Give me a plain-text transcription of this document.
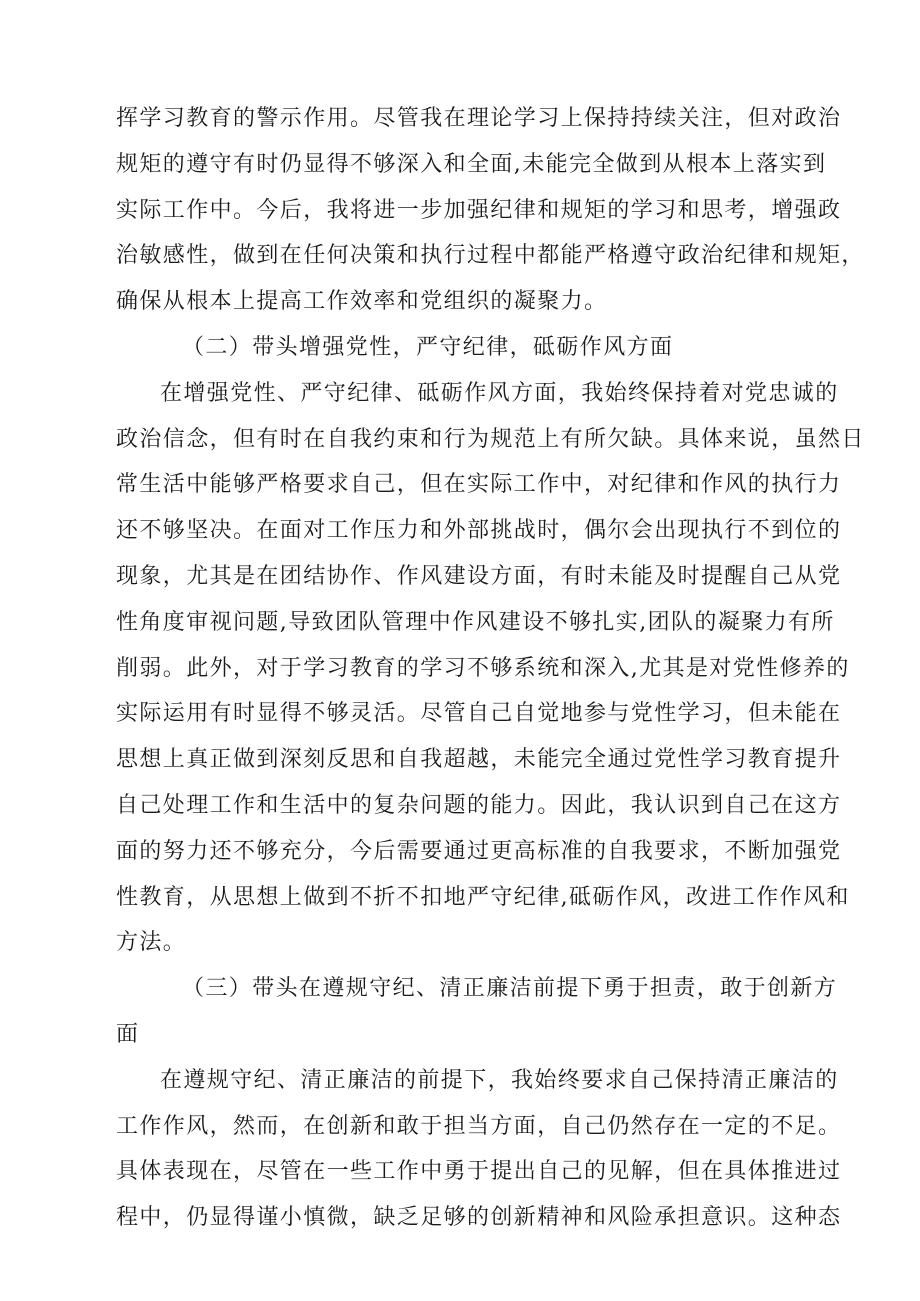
挥学习教育的警示作用。尽管我在理论学习上保持持续关注，但对政治
规矩的遵守有时仍显得不够深入和全面,未能完全做到从根本上落实到
实际工作中。今后，我将进一步加强纪律和规矩的学习和思考，增强政
治敏感性，做到在任何决策和执行过程中都能严格遵守政治纪律和规矩，
确保从根本上提高工作效率和党组织的凝聚力。
（二）带头增强党性，严守纪律，砥砺作风方面
在增强党性、严守纪律、砥砺作风方面，我始终保持着对党忠诚的
政治信念，但有时在自我约束和行为规范上有所欠缺。具体来说，虽然日
常生活中能够严格要求自己，但在实际工作中，对纪律和作风的执行力
还不够坚决。在面对工作压力和外部挑战时，偶尔会出现执行不到位的
现象，尤其是在团结协作、作风建设方面，有时未能及时提醒自己从党
性角度审视问题,导致团队管理中作风建设不够扎实,团队的凝聚力有所
削弱。此外，对于学习教育的学习不够系统和深入,尤其是对党性修养的
实际运用有时显得不够灵活。尽管自己自觉地参与党性学习，但未能在
思想上真正做到深刻反思和自我超越，未能完全通过党性学习教育提升
自己处理工作和生活中的复杂问题的能力。因此，我认识到自己在这方
面的努力还不够充分，今后需要通过更高标准的自我要求，不断加强党
性教育，从思想上做到不折不扣地严守纪律,砥砺作风，改进工作作风和
方法。
（三）带头在遵规守纪、清正廉洁前提下勇于担责，敢于创新方
面
在遵规守纪、清正廉洁的前提下，我始终要求自己保持清正廉洁的
工作作风，然而，在创新和敢于担当方面，自己仍然存在一定的不足。
具体表现在，尽管在一些工作中勇于提出自己的见解，但在具体推进过
程中，仍显得谨小慎微，缺乏足够的创新精神和风险承担意识。这种态
